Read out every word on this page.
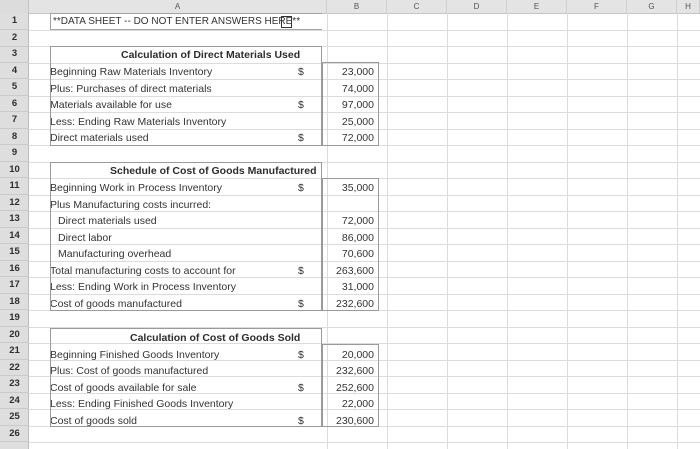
A	B	C	D	E	F	G	H
1
2
3
4
5
6
7
8
9
10
11
12
13
14
15
16
17
18
19
20
21
22
23
24
25
26
**DATA SHEET -- DO NOT ENTER ANSWERS HERE**
Calculation of Direct Materials Used
Beginning Raw Materials Inventory	$	23,000
Plus: Purchases of direct materials	74,000
Materials available for use	$	97,000
Less: Ending Raw Materials Inventory	25,000
Direct materials used	$	72,000
Schedule of Cost of Goods Manufactured
Beginning Work in Process Inventory	$	35,000
Plus Manufacturing costs incurred:
Direct materials used	72,000
Direct labor	86,000
Manufacturing overhead	70,600
Total manufacturing costs to account for	$	263,600
Less: Ending Work in Process Inventory	31,000
Cost of goods manufactured	$	232,600
Calculation of Cost of Goods Sold
Beginning Finished Goods Inventory	$	20,000
Plus: Cost of goods manufactured	232,600
Cost of goods available for sale	$	252,600
Less: Ending Finished Goods Inventory	22,000
Cost of goods sold	$	230,600
